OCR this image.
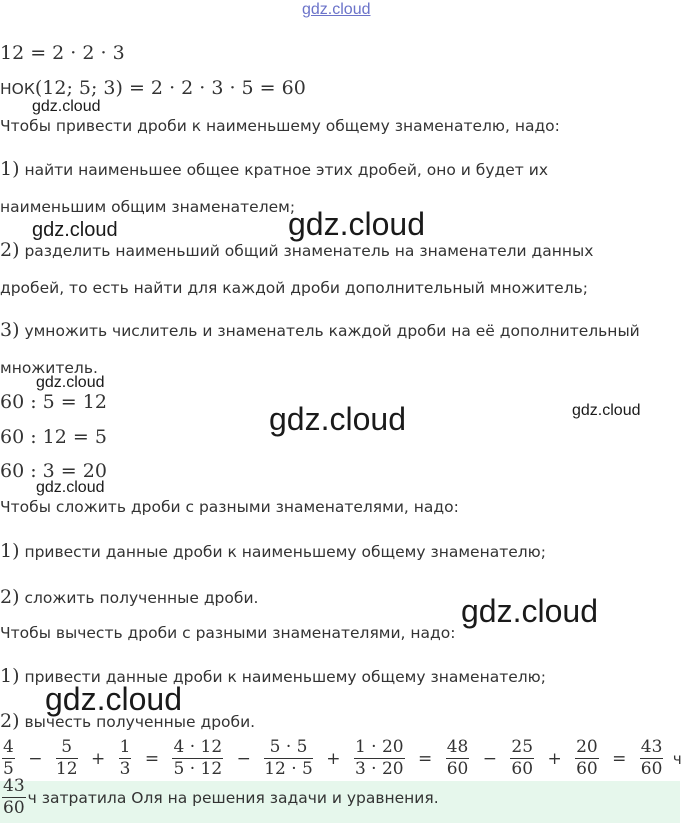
gdz.cloud
gdz.cloud
gdz.cloud	gdz.cloud
gdz.cloud
gdz.cloud	gdz.cloud
gdz.cloud
gdz.cloud
gdz.cloud
12 = 2 · 2 · 3
НОК(12; 5; 3) = 2 · 2 · 3 · 5 = 60
Чтобы привести дроби к наименьшему общему знаменателю, надо:
1) найти наименьшее общее кратное этих дробей, оно и будет их
наименьшим общим знаменателем;
2) разделить наименьший общий знаменатель на знаменатели данных
дробей, то есть найти для каждой дроби дополнительный множитель;
3) умножить числитель и знаменатель каждой дроби на её дополнительный
множитель.
60 : 5 = 12
60 : 12 = 5
60 : 3 = 20
Чтобы сложить дроби с разными знаменателями, надо:
1) привести данные дроби к наименьшему общему знаменателю;
2) сложить полученные дроби.
Чтобы вычесть дроби с разными знаменателями, надо:
1) привести данные дроби к наименьшему общему знаменателю;
2) вычесть полученные дроби.
$\frac{4}{5} - \frac{5}{12} + \frac{1}{3} = \frac{4 \cdot 12}{5 \cdot 12} - \frac{5 \cdot 5}{12 \cdot 5} + \frac{1 \cdot 20}{3 \cdot 20} = \frac{48}{60} - \frac{25}{60} + \frac{20}{60} = \frac{43}{60}$ ч
$\frac{43}{60}$ ч затратила Оля на решения задачи и уравнения.
